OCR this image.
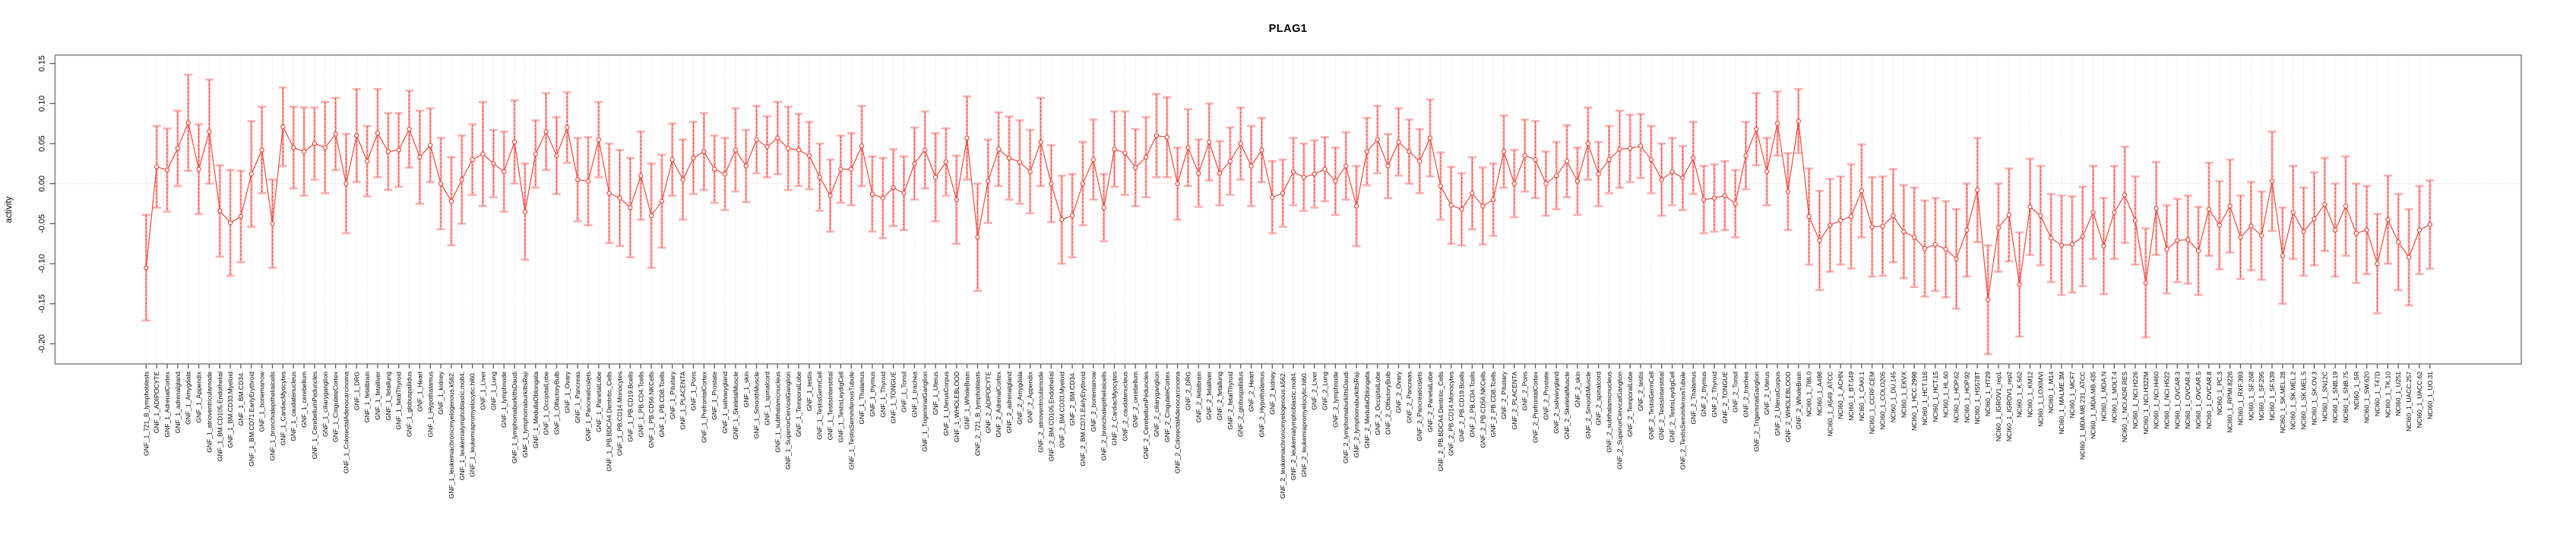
PLAG1
activity
0.15
0.10
0.05
0.00
-0.05
-0.10
-0.15
-0.20
GNF_1_721_B_lymphoblasts GNF_1_ADIPOCYTE GNF_1_AdrenalCortex GNF_1_adrenalgland GNF_1_Amygdala GNF_1_Appendix GNF_1_atrioventricularnode GNF_1_BM.CD105.Endothelial GNF_1_BM.CD33.Myeloid GNF_1_BM.CD34. GNF_1_BM.CD71.EarlyErythroid GNF_1_bonemarrow GNF_1_bronchialepithelialcells GNF_1_CardiacMyocytes GNF_1_caudatenucleus GNF_1_cerebellum GNF_1_CerebellumPeduncles GNF_1_ciliaryganglion GNF_1_CingulateCortex GNF_1_ColorectalAdenocarcinoma GNF_1_DRG GNF_1_fetalbrain GNF_1_fetalliver GNF_1_fetallung GNF_1_fetalThyroid GNF_1_globuspallidus GNF_1_Heart GNF_1_Hypothalamus GNF_1_kidney GNF_1_leukemiachronicmyelogenous.k562. GNF_1_leukemialymphoblastic.molt4. GNF_1_leukemiapromyelocytic.hl60. GNF_1_Liver GNF_1_Lung GNF_1_lymphnode GNF_1_lymphomaburkittsDaudi GNF_1_lymphomaburkittsRaji GNF_1_MedullaOblongata GNF_1_OccipitalLobe GNF_1_OlfactoryBulb GNF_1_Ovary GNF_1_Pancreas GNF_1_Pancreaticislets GNF_1_ParietalLobe GNF_1_PB.BDCA4.Dentritic_Cells GNF_1_PB.CD14.Monocytes GNF_1_PB.CD19.Bcells GNF_1_PB.CD4.Tcells GNF_1_PB.CD56.NKCells GNF_1_PB.CD8.Tcells GNF_1_Pituitary GNF_1_PLACENTA GNF_1_Pons GNF_1_PrefrontalCortex GNF_1_Prostate GNF_1_salivarygland GNF_1_SkeletalMuscle GNF_1_skin GNF_1_SmoothMuscle GNF_1_spinalcord GNF_1_subthalamicnucleus GNF_1_SuperiorCervicalGanglion GNF_1_TemporalLobe GNF_1_testis GNF_1_TestisGermCell GNF_1_TestisInterstitial GNF_1_TestisLeydigCell GNF_1_TestisSeminiferousTubule GNF_1_Thalamus GNF_1_thymus GNF_1_Thyroid GNF_1_TONGUE GNF_1_Tonsil GNF_1_trachea GNF_1_TrigeminalGanglion GNF_1_Uterus GNF_1_UterusCorpus GNF_1_WHOLEBLOOD GNF_1_WholeBrain GNF_2_721_B_lymphoblasts GNF_2_ADIPOCYTE GNF_2_AdrenalCortex GNF_2_adrenalgland GNF_2_Amygdala GNF_2_Appendix GNF_2_atrioventricularnode GNF_2_BM.CD105.Endothelial GNF_2_BM.CD33.Myeloid GNF_2_BM.CD34. GNF_2_BM.CD71.EarlyErythroid GNF_2_bonemarrow GNF_2_bronchialepithelialcells GNF_2_CardiacMyocytes GNF_2_caudatenucleus GNF_2_cerebellum GNF_2_CerebellumPeduncles GNF_2_ciliaryganglion GNF_2_CingulateCortex GNF_2_ColorectalAdenocarcinoma GNF_2_DRG GNF_2_fetalbrain GNF_2_fetalliver GNF_2_fetallung GNF_2_fetalThyroid GNF_2_globuspallidus GNF_2_Heart GNF_2_Hypothalamus GNF_2_kidney GNF_2_leukemiachronicmyelogenous.k562. GNF_2_leukemialymphoblastic.molt4. GNF_2_leukemiapromyelocytic.hl60. GNF_2_Liver GNF_2_Lung GNF_2_lymphnode GNF_2_lymphomaburkittsDaudi GNF_2_lymphomaburkittsRaji GNF_2_MedullaOblongata GNF_2_OccipitalLobe GNF_2_OlfactoryBulb GNF_2_Ovary GNF_2_Pancreas GNF_2_Pancreaticislets GNF_2_ParietalLobe GNF_2_PB.BDCA4.Dentritic_Cells GNF_2_PB.CD14.Monocytes GNF_2_PB.CD19.Bcells GNF_2_PB.CD4.Tcells GNF_2_PB.CD56.NKCells GNF_2_PB.CD8.Tcells GNF_2_Pituitary GNF_2_PLACENTA GNF_2_Pons GNF_2_PrefrontalCortex GNF_2_Prostate GNF_2_salivarygland GNF_2_SkeletalMuscle GNF_2_skin GNF_2_SmoothMuscle GNF_2_spinalcord GNF_2_subthalamicnucleus GNF_2_SuperiorCervicalGanglion GNF_2_TemporalLobe GNF_2_testis GNF_2_TestisGermCell GNF_2_TestisInterstitial GNF_2_TestisLeydigCell GNF_2_TestisSeminiferousTubule GNF_2_Thalamus GNF_2_thymus GNF_2_Thyroid GNF_2_TONGUE GNF_2_Tonsil GNF_2_trachea GNF_2_TrigeminalGanglion GNF_2_Uterus GNF_2_UterusCorpus GNF_2_WHOLEBLOOD GNF_2_WholeBrain NCI60_1_786.0 NCI60_1_A498 NCI60_1_A549_ATCC NCI60_1_ACHN NCI60_1_BT.549 NCI60_1_CAKI.1 NCI60_1_CCRF.CEM NCI60_1_COLO205 NCI60_1_DU.145 NCI60_1_EKVX NCI60_1_HCC.2998 NCI60_1_HCT.116 NCI60_1_HCT.15 NCI60_1_HL.60 NCI60_1_HOP.62 NCI60_1_HOP.92 NCI60_1_HS578T NCI60_1_HT29 NCI60_1_IGROV1_rep1 NCI60_1_IGROV1_rep2 NCI60_1_K.562 NCI60_1_KM12 NCI60_1_LOXIMVI NCI60_1_M14 NCI60_1_MALME.3M NCI60_1_MCF7 NCI60_1_MDA.MB.231_ATCC NCI60_1_MDA.MB.435 NCI60_1_MDA.N NCI60_1_MOLT.4 NCI60_1_NCI.ADR.RES NCI60_1_NCI.H226 NCI60_1_NCI.H322M NCI60_1_NCI.H460 NCI60_1_NCI.H522 NCI60_1_OVCAR.3 NCI60_1_OVCAR.4 NCI60_1_OVCAR.5 NCI60_1_OVCAR.8 NCI60_1_PC.3 NCI60_1_RPMI.8226 NCI60_1_RXF.393 NCI60_1_SF.268 NCI60_1_SF.295 NCI60_1_SF.539 NCI60_1_SK.MEL.28 NCI60_1_SK.MEL.2 NCI60_1_SK.MEL.5 NCI60_1_SK.OV.3 NCI60_1_SN12C NCI60_1_SNB.19 NCI60_1_SNB.75 NCI60_1_SR NCI60_1_SW.620 NCI60_1_T47D NCI60_1_TK.10 NCI60_1_U251 NCI60_1_UACC.257 NCI60_1_UACC.62 NCI60_1_UO.31
